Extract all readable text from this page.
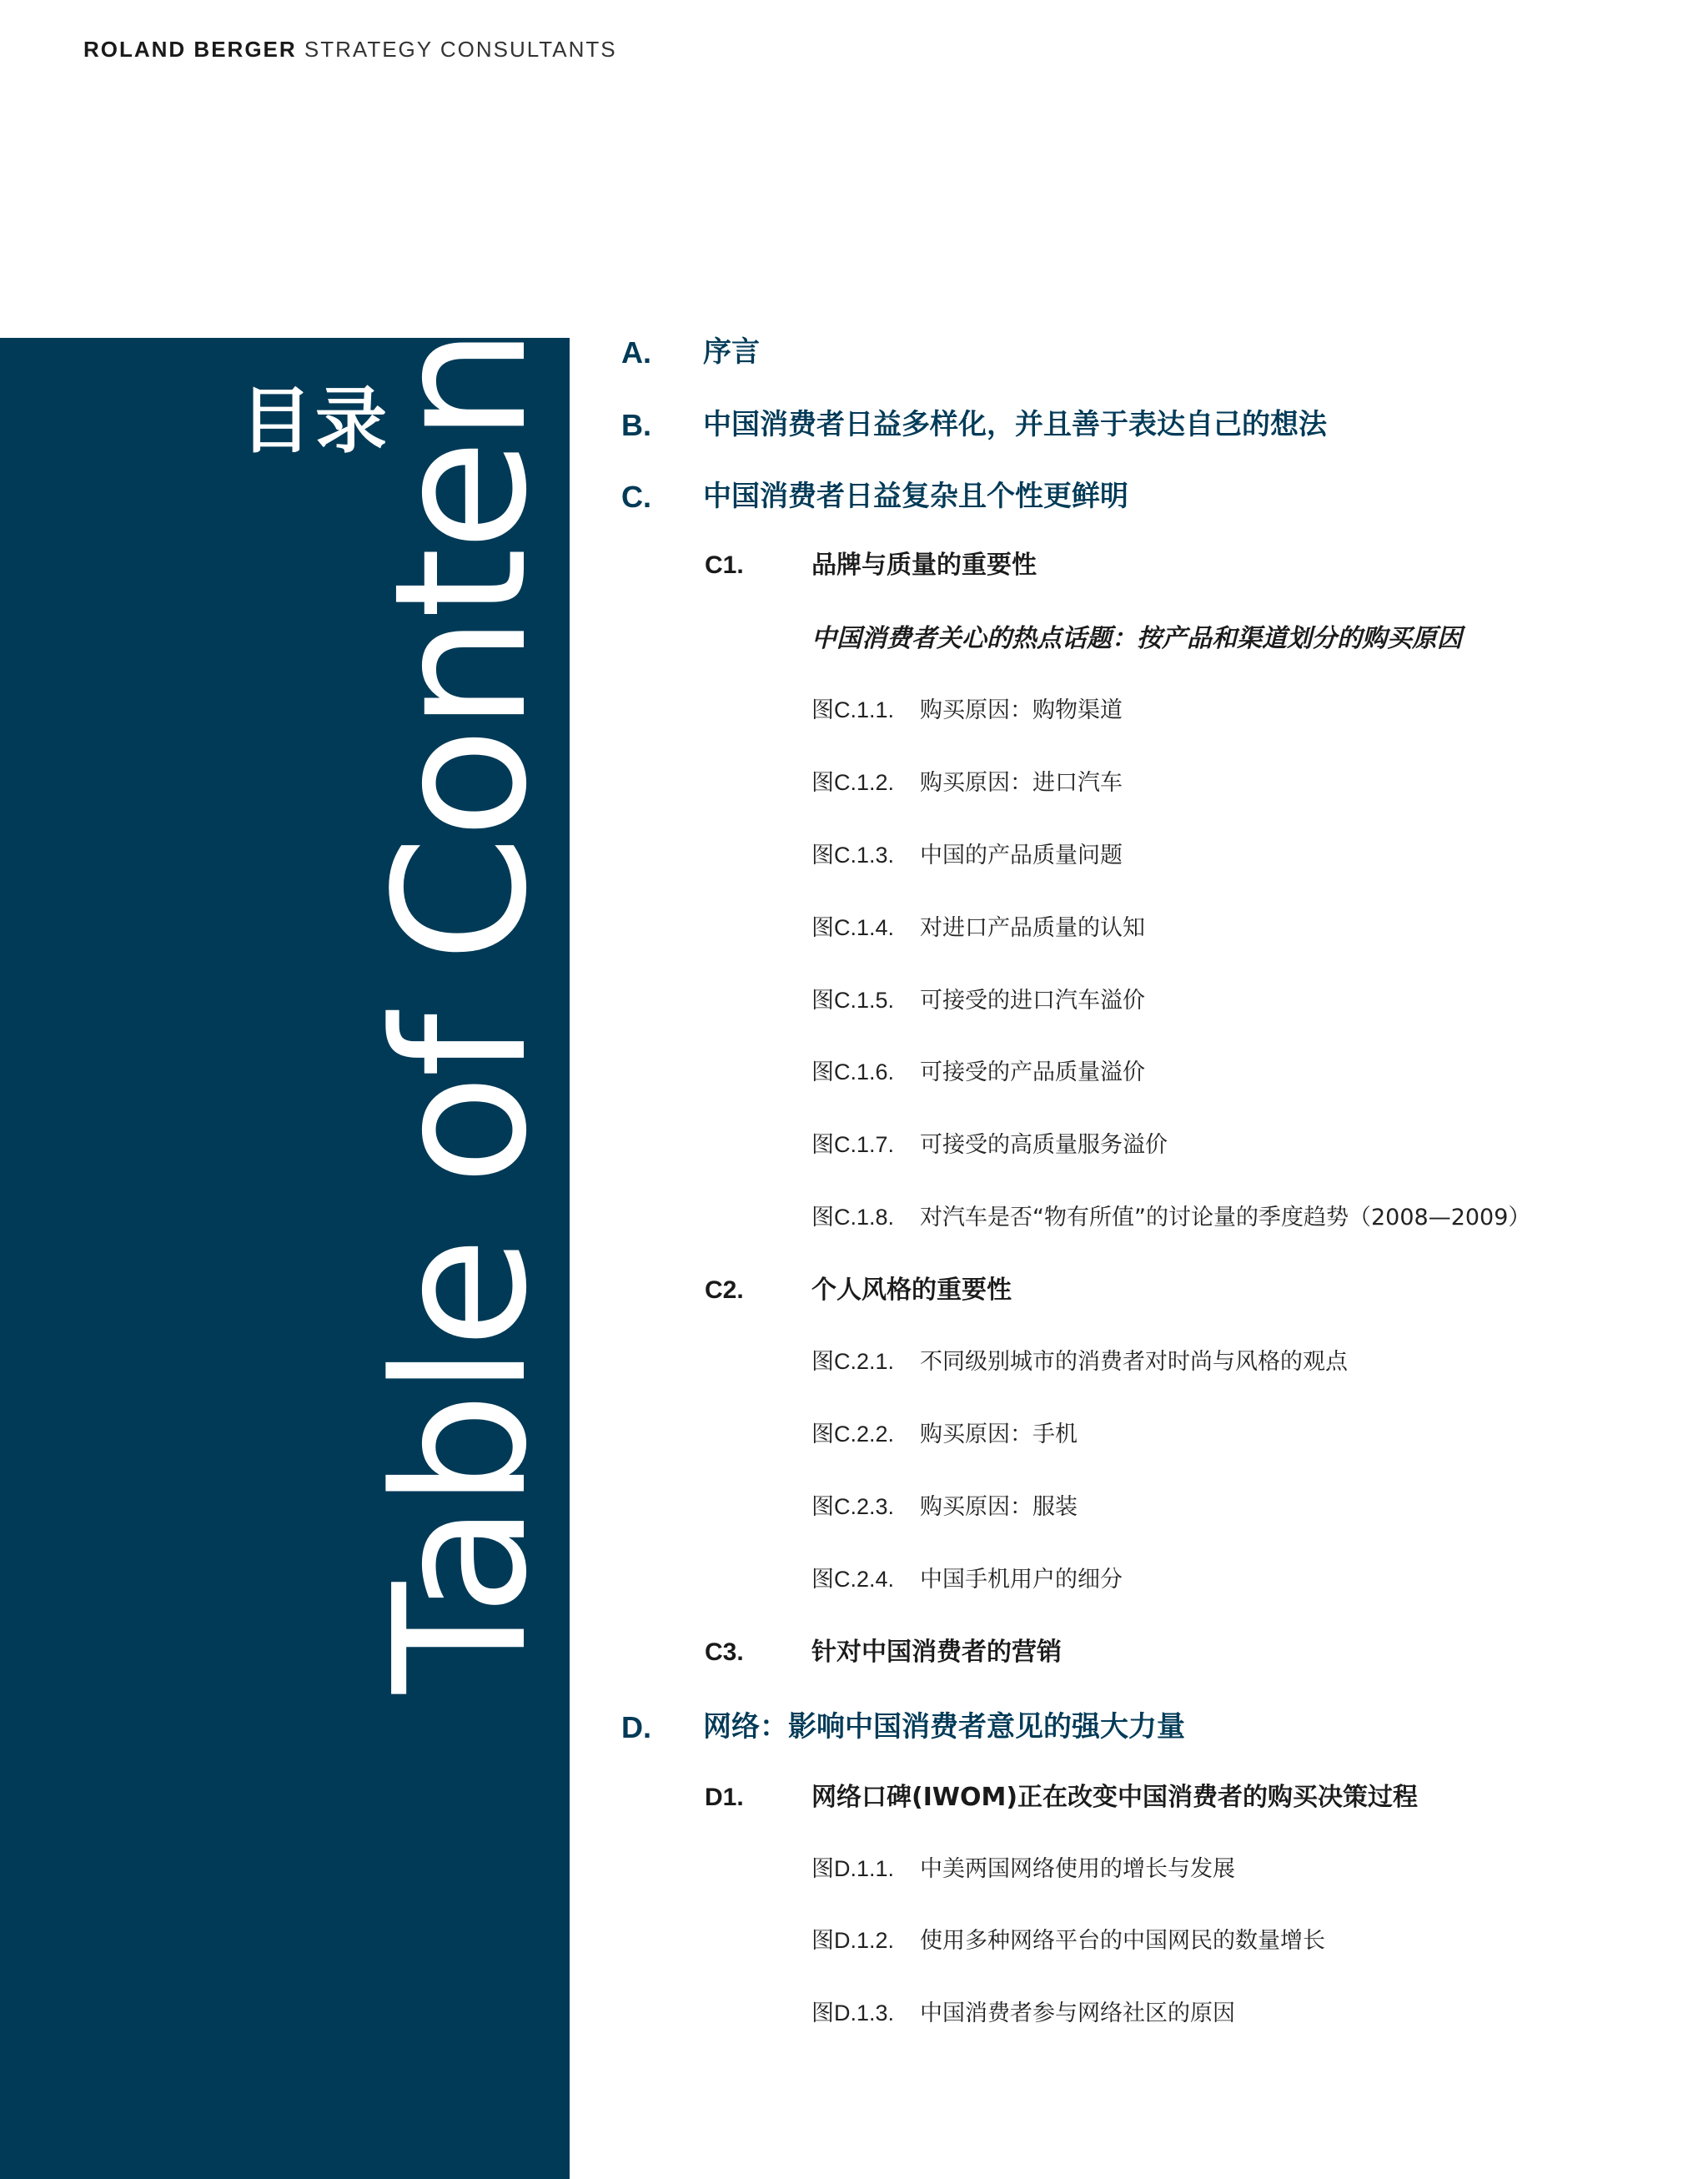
ROLAND BERGER STRATEGY CONSULTANTS
目录
Table of Contents A. 序言
B. 中国消费者日益多样化，并且善于表达自己的想法
C. 中国消费者日益复杂且个性更鲜明
C1.	品牌与质量的重要性
中国消费者关心的热点话题：按产品和渠道划分的购买原因
图C.1.1. 购买原因：购物渠道
图C.1.2. 购买原因：进口汽车
图C.1.3. 中国的产品质量问题
图C.1.4. 对进口产品质量的认知
图C.1.5. 可接受的进口汽车溢价
图C.1.6. 可接受的产品质量溢价
图C.1.7. 可接受的高质量服务溢价
图C.1.8. 对汽车是否“物有所值”的讨论量的季度趋势（2008—2009）
C2.	个人风格的重要性
图C.2.1. 不同级别城市的消费者对时尚与风格的观点
图C.2.2. 购买原因：手机
图C.2.3. 购买原因：服装
图C.2.4. 中国手机用户的细分
C3.	针对中国消费者的营销
D. 网络：影响中国消费者意见的强大力量
D1.	网络口碑(IWOM)正在改变中国消费者的购买决策过程
图D.1.1. 中美两国网络使用的增长与发展
图D.1.2. 使用多种网络平台的中国网民的数量增长
图D.1.3. 中国消费者参与网络社区的原因
